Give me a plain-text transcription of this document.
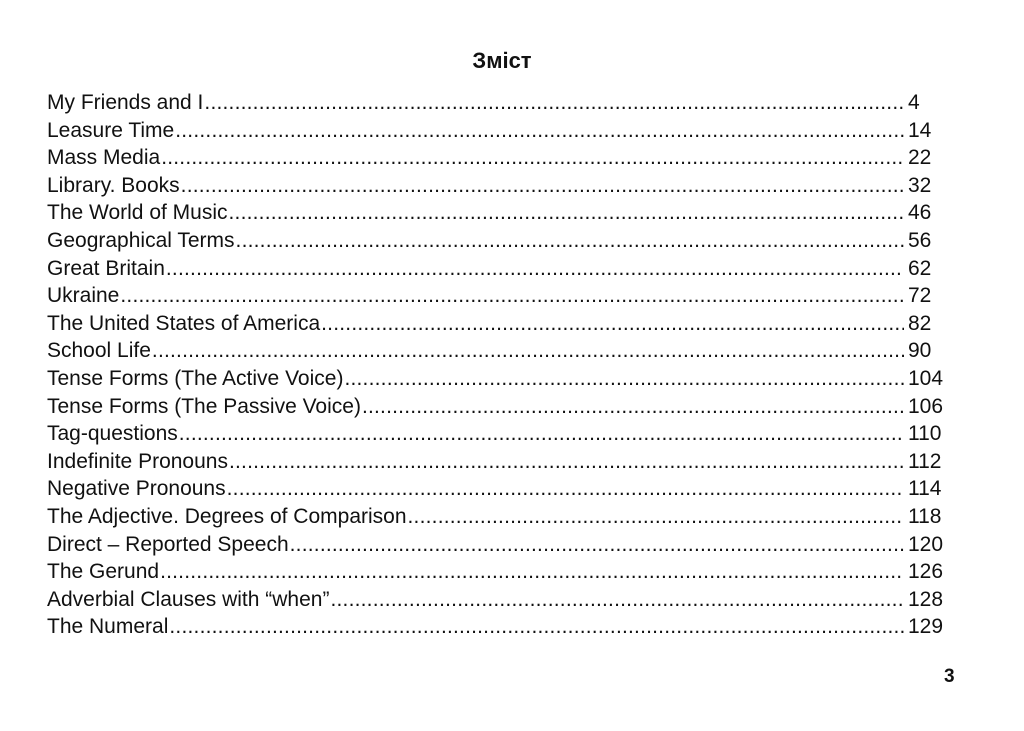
Зміст
My Friends and I .....	4
Leasure Time .....	14
Mass Media .....	22
Library. Books .....	32
The World of Music .....	46
Geographical Terms .....	56
Great Britain .....	62
Ukraine .....	72
The United States of America .....	82
School Life .....	90
Tense Forms (The Active Voice) .....	104
Tense Forms (The Passive Voice) .....	106
Tag-questions .....	110
Indefinite Pronouns .....	112
Negative Pronouns .....	114
The Adjective. Degrees of Comparison .....	118
Direct – Reported Speech .....	120
The Gerund .....	126
Adverbial Clauses with “when” .....	128
The Numeral .....	129
3
